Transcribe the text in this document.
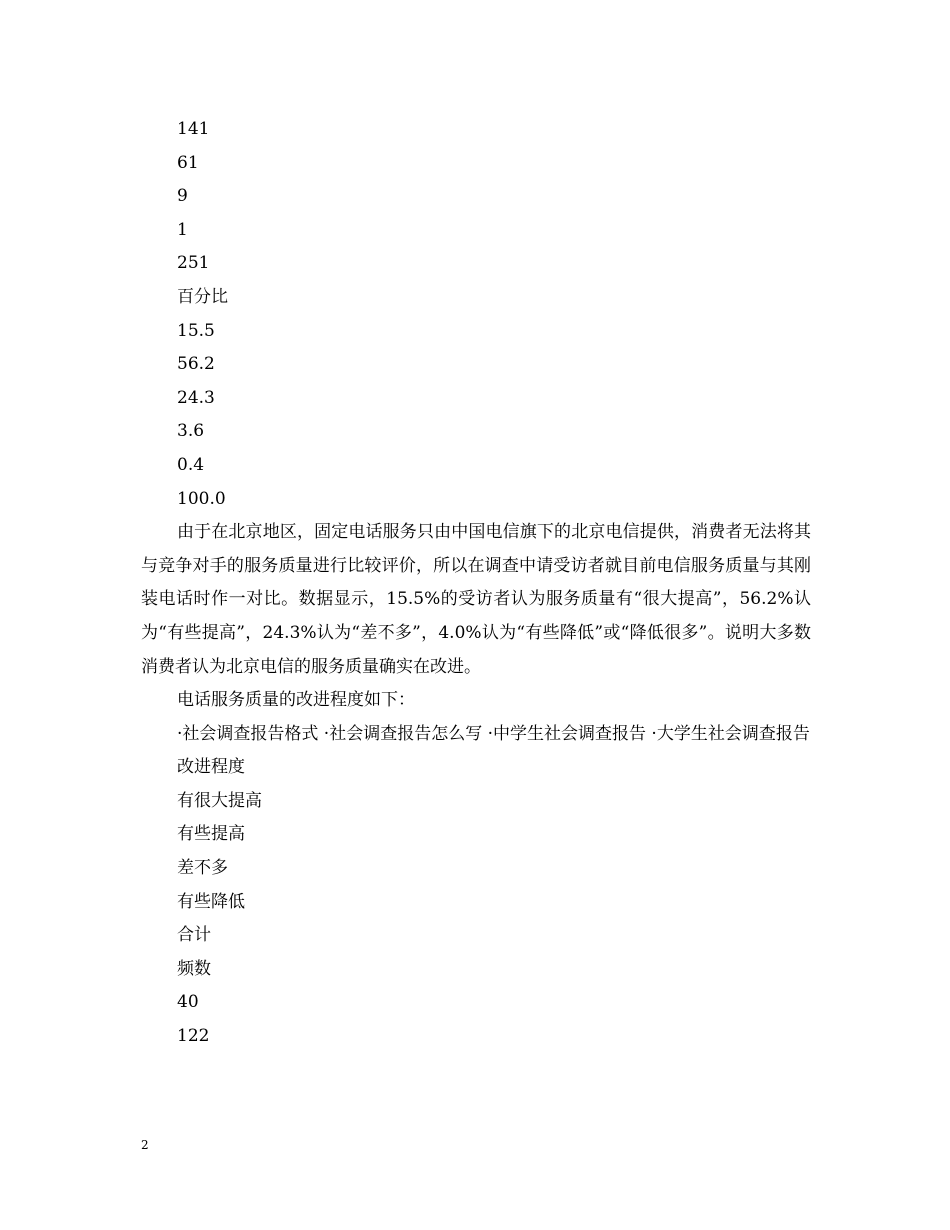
141
61
9
1
251
百分比
15.5
56.2
24.3
3.6
0.4
100.0

由于在北京地区，固定电话服务只由中国电信旗下的北京电信提供，消费者无法将其与竞争对手的服务质量进行比较评价，所以在调查中请受访者就目前电信服务质量与其刚装电话时作一对比。数据显示，15.5%的受访者认为服务质量有“很大提高”，56.2%认为“有些提高”，24.3%认为“差不多”，4.0%认为“有些降低”或“降低很多”。说明大多数消费者认为北京电信的服务质量确实在改进。

电话服务质量的改进程度如下：

·社会调查报告格式 ·社会调查报告怎么写 ·中学生社会调查报告 ·大学生社会调查报告

改进程度
有很大提高
有些提高
差不多
有些降低
合计
频数
40
122
2
